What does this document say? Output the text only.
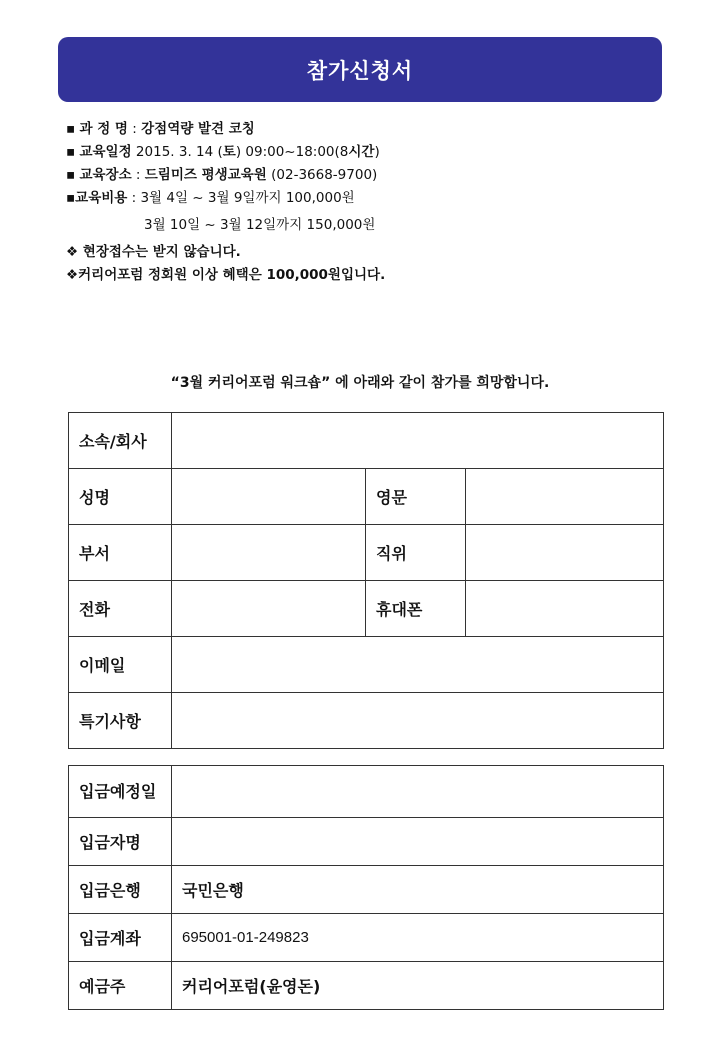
참가신청서
▪ 과 정 명 : 강점역량 발견 코칭
▪ 교육일정 2015. 3. 14 (토) 09:00~18:00(8시간)
▪ 교육장소 : 드림미즈 평생교육원 (02-3668-9700)
▪교육비용 : 3월 4일 ~ 3월 9일까지 100,000원
3월 10일 ~ 3월 12일까지 150,000원
❖ 현장접수는 받지 않습니다.
❖커리어포럼 정회원 이상 혜택은 100,000원입니다.
“3월 커리어포럼 워크숍” 에 아래와 같이 참가를 희망합니다.
소속/회사			
성명		영문	
부서		직위	
전화		휴대폰	
이메일			
특기사항			
입금예정일	
입금자명	
입금은행	국민은행
입금계좌	695001-01-249823
예금주	커리어포럼(윤영돈)
